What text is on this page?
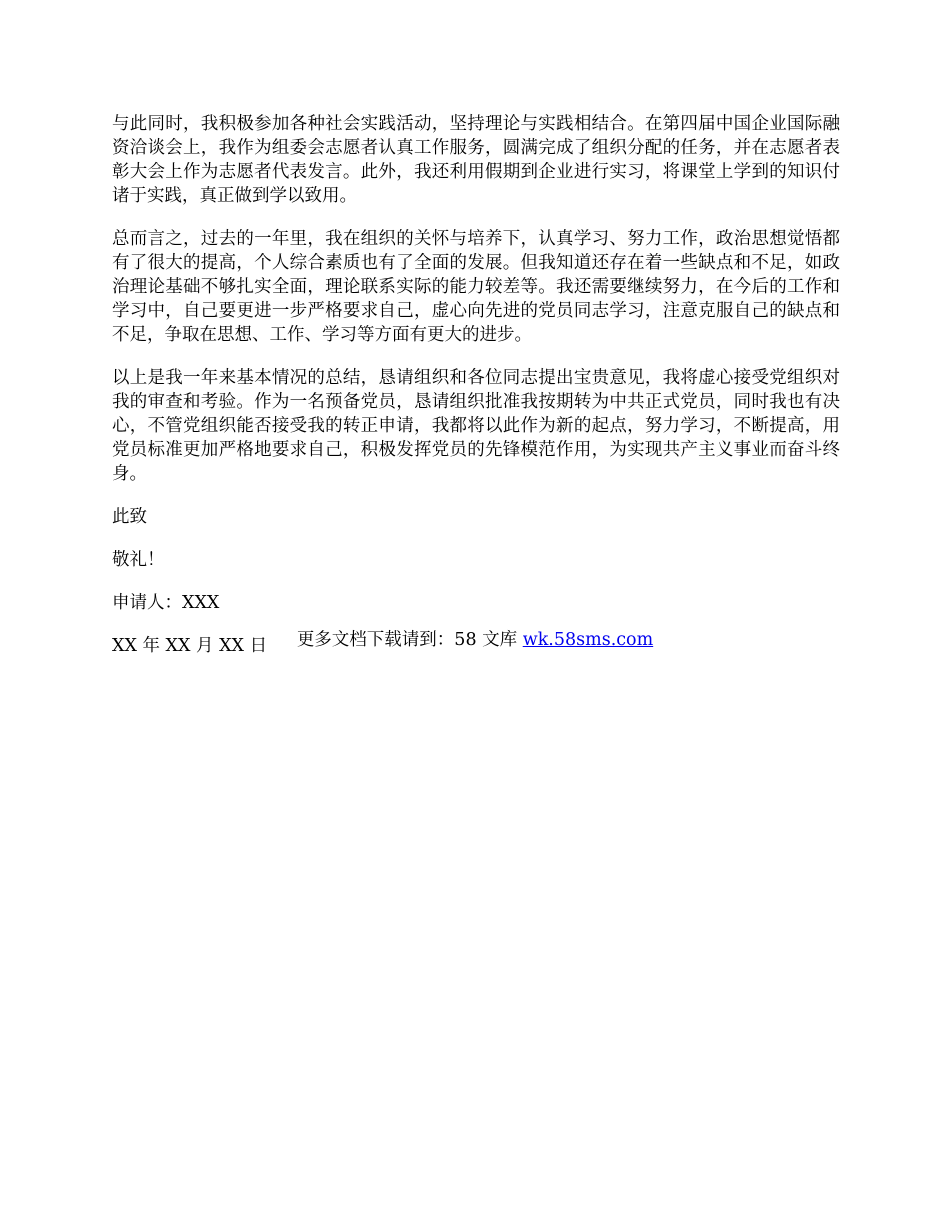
与此同时，我积极参加各种社会实践活动，坚持理论与实践相结合。在第四届中国企业国际融资洽谈会上，我作为组委会志愿者认真工作服务，圆满完成了组织分配的任务，并在志愿者表彰大会上作为志愿者代表发言。此外，我还利用假期到企业进行实习，将课堂上学到的知识付诸于实践，真正做到学以致用。

总而言之，过去的一年里，我在组织的关怀与培养下，认真学习、努力工作，政治思想觉悟都有了很大的提高，个人综合素质也有了全面的发展。但我知道还存在着一些缺点和不足，如政治理论基础不够扎实全面，理论联系实际的能力较差等。我还需要继续努力，在今后的工作和学习中，自己要更进一步严格要求自己，虚心向先进的党员同志学习，注意克服自己的缺点和不足，争取在思想、工作、学习等方面有更大的进步。

以上是我一年来基本情况的总结，恳请组织和各位同志提出宝贵意见，我将虚心接受党组织对我的审查和考验。作为一名预备党员，恳请组织批准我按期转为中共正式党员，同时我也有决心，不管党组织能否接受我的转正申请，我都将以此作为新的起点，努力学习，不断提高，用党员标准更加严格地要求自己，积极发挥党员的先锋模范作用，为实现共产主义事业而奋斗终身。

此致

敬礼！

申请人：XXX

XX 年 XX 月 XX 日	更多文档下载请到：58 文库 wk.58sms.com
